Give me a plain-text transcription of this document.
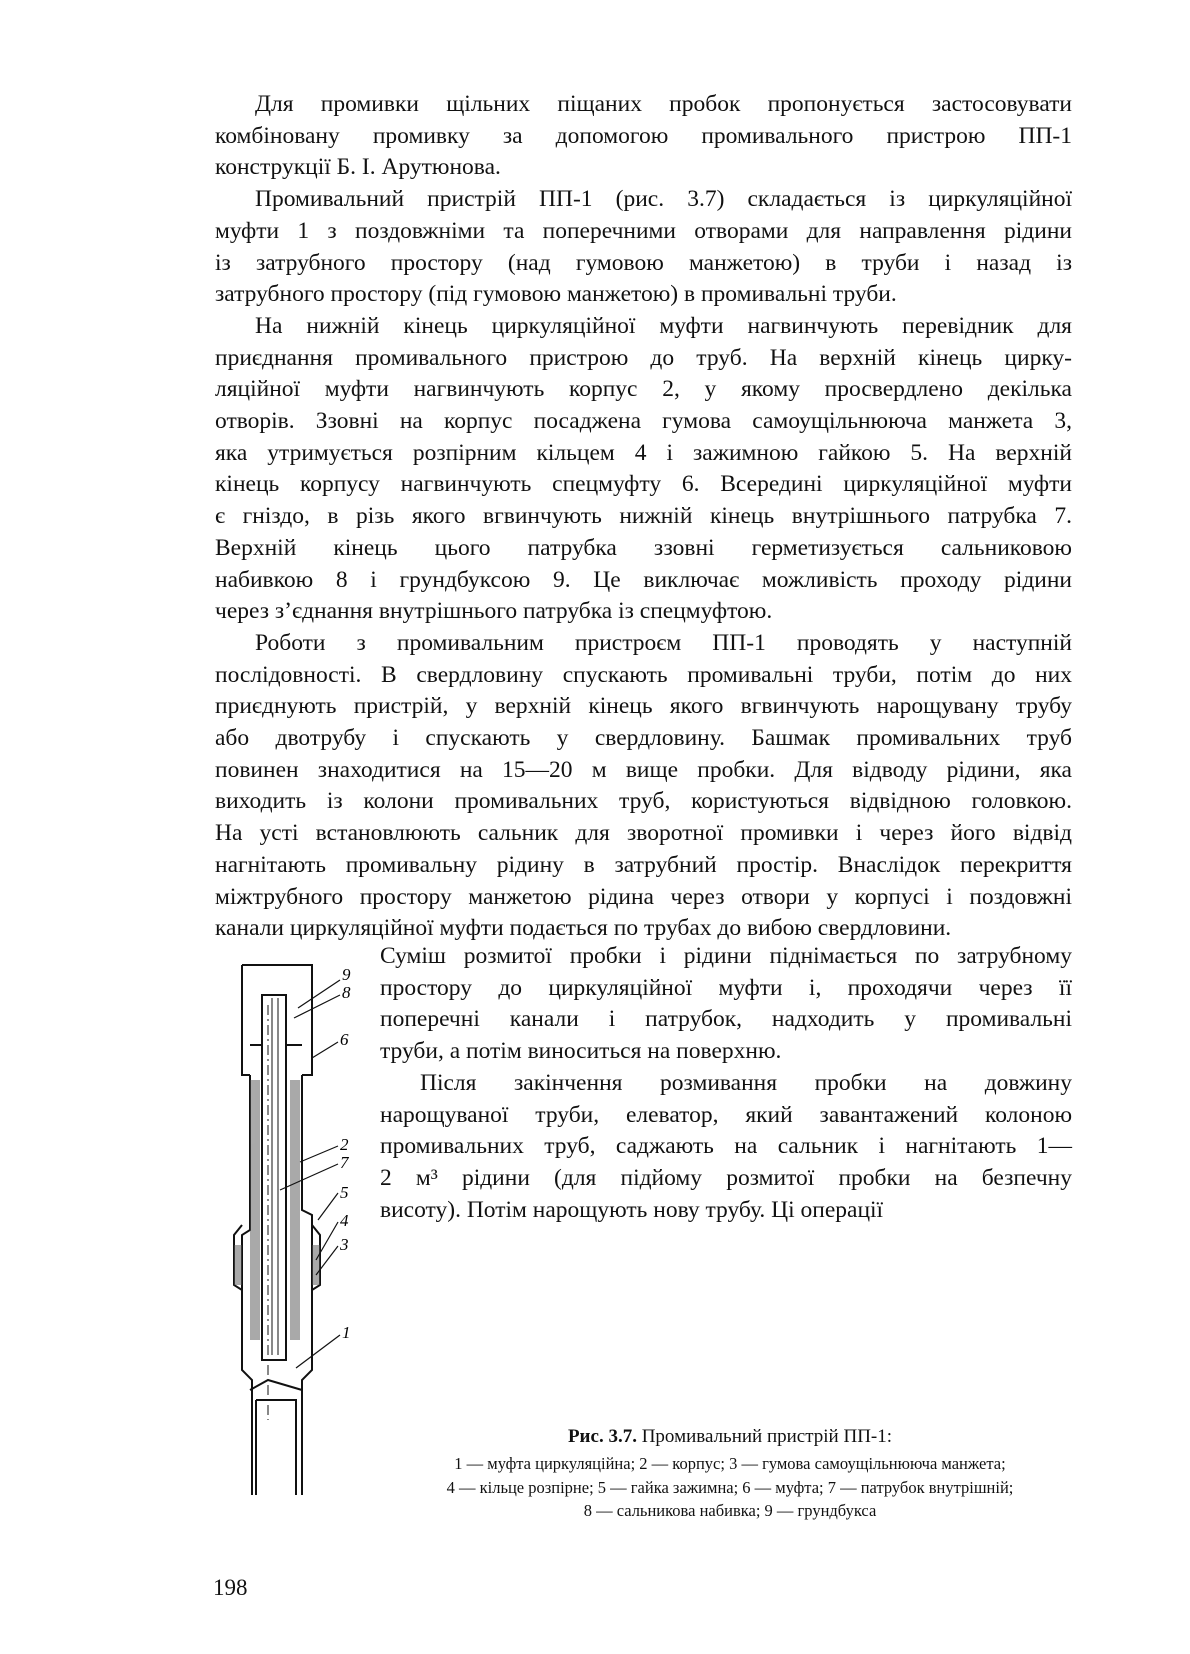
Для промивки щільних піщаних пробок пропонується застосовувати
комбіновану промивку за допомогою промивального пристрою ПП-1
конструкції Б. І. Арутюнова.
Промивальний пристрій ПП-1 (рис. 3.7) складається із циркуляційної
муфти 1 з поздовжніми та поперечними отворами для направлення рідини
із затрубного простору (над гумовою манжетою) в труби і назад із
затрубного простору (під гумовою манжетою) в промивальні труби.
На нижній кінець циркуляційної муфти нагвинчують перевідник для
приєднання промивального пристрою до труб. На верхній кінець цирку-
ляційної муфти нагвинчують корпус 2, у якому просвердлено декілька
отворів. Ззовні на корпус посаджена гумова самоущільнююча манжета 3,
яка утримується розпірним кільцем 4 і зажимною гайкою 5. На верхній
кінець корпусу нагвинчують спецмуфту 6. Всередині циркуляційної муфти
є гніздо, в різь якого вгвинчують нижній кінець внутрішнього патрубка 7.
Верхній кінець цього патрубка ззовні герметизується сальниковою
набивкою 8 і грундбуксою 9. Це виключає можливість проходу рідини
через з’єднання внутрішнього патрубка із спецмуфтою.
Роботи з промивальним пристроєм ПП-1 проводять у наступній
послідовності. В свердловину спускають промивальні труби, потім до них
приєднують пристрій, у верхній кінець якого вгвинчують нарощувану трубу
або двотрубу і спускають у свердловину. Башмак промивальних труб
повинен знаходитися на 15—20 м вище пробки. Для відводу рідини, яка
виходить із колони промивальних труб, користуються відвідною головкою.
На усті встановлюють сальник для зворотної промивки і через його відвід
нагнітають промивальну рідину в затрубний простір. Внаслідок перекриття
міжтрубного простору манжетою рідина через отвори у корпусі і поздовжні
канали циркуляційної муфти подається по трубах до вибою свердловини.
Суміш розмитої пробки і рідини піднімається по затрубному
простору до циркуляційної муфти і, проходячи через її
поперечні канали і патрубок, надходить у промивальні
труби, а потім виноситься на поверхню.
Після закінчення розмивання пробки на довжину
нарощуваної труби, елеватор, який завантажений колоною
промивальних труб, саджають на сальник і нагнітають 1—
2 м³ рідини (для підйому розмитої пробки на безпечну
висоту). Потім нарощують нову трубу. Ці операції
9
8
6
2
7
5
4
3
1
Рис. 3.7. Промивальний пристрій ПП-1:
1 — муфта циркуляційна; 2 — корпус; 3 — гумова самоущільнююча манжета;
4 — кільце розпірне; 5 — гайка зажимна; 6 — муфта; 7 — патрубок внутрішній;
8 — сальникова набивка; 9 — грундбукса
198
